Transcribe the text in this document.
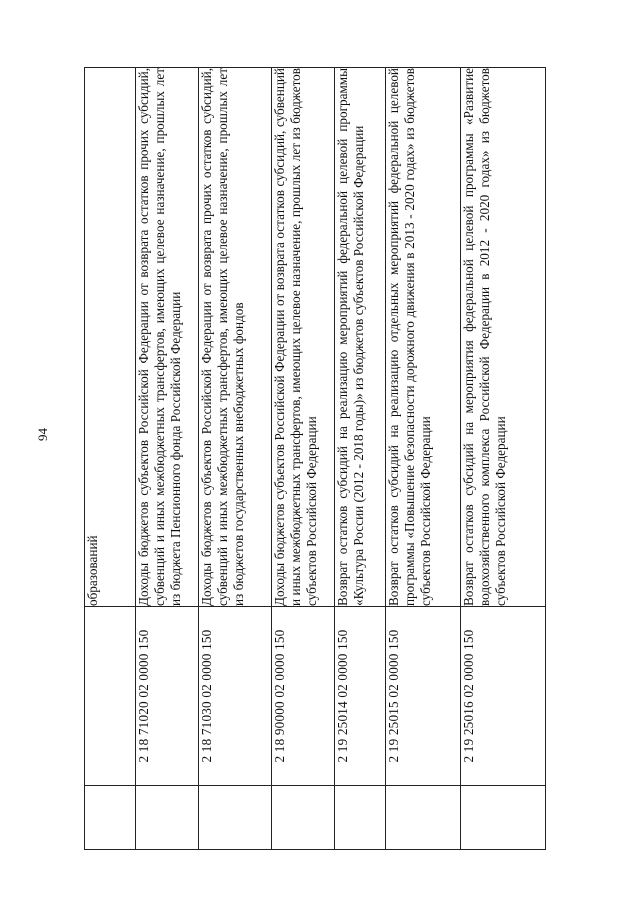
94
		образований
	2 18 71020 02 0000 150	Доходы бюджетов субъектов Российской Федерации от возврата остатков прочих субсидий, субвенций и иных межбюджетных трансфертов, имеющих целевое назначение, прошлых лет из бюджета Пенсионного фонда Российской Федерации
	2 18 71030 02 0000 150	Доходы бюджетов субъектов Российской Федерации от возврата прочих остатков субсидий, субвенций и иных межбюджетных трансфертов, имеющих целевое назначение, прошлых лет из бюджетов государственных внебюджетных фондов
	2 18 90000 02 0000 150	Доходы бюджетов субъектов Российской Федерации от возврата остатков субсидий, субвенций и иных межбюджетных трансфертов, имеющих целевое назначение, прошлых лет из бюджетов субъектов Российской Федерации
	2 19 25014 02 0000 150	Возврат остатков субсидий на реализацию мероприятий федеральной целевой программы «Культура России (2012 - 2018 годы)» из бюджетов субъектов Российской Федерации
	2 19 25015 02 0000 150	Возврат остатков субсидий на реализацию отдельных мероприятий федеральной целевой программы «Повышение безопасности дорожного движения в 2013 - 2020 годах» из бюджетов субъектов Российской Федерации
	2 19 25016 02 0000 150	Возврат остатков субсидий на мероприятия федеральной целевой программы «Развитие водохозяйственного комплекса Российской Федерации в 2012 - 2020 годах» из бюджетов субъектов Российской Федерации
